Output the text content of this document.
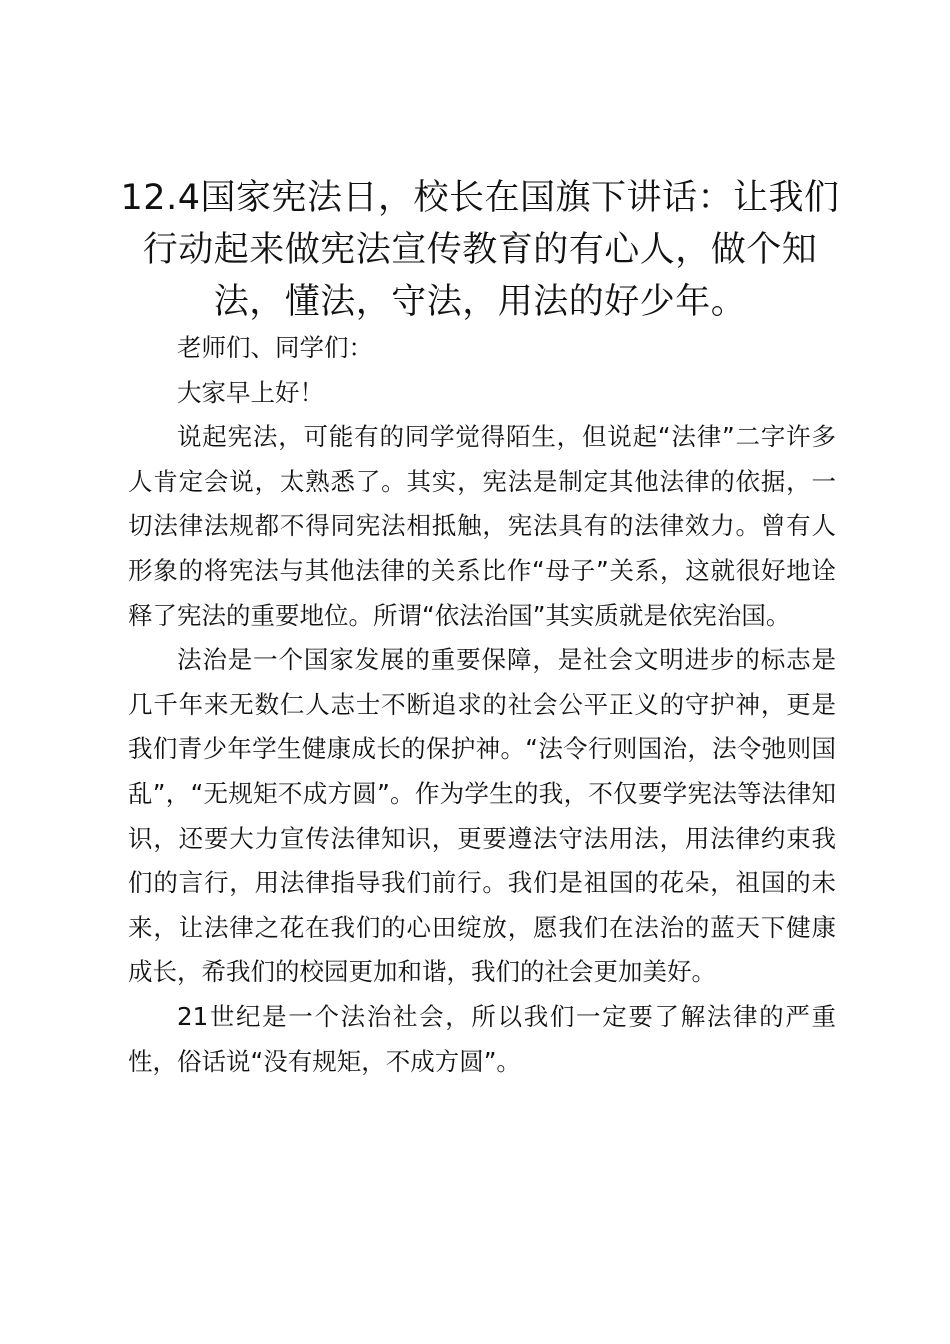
12.4国家宪法日，校长在国旗下讲话：让我们行动起来做宪法宣传教育的有心人，做个知法，懂法，守法，用法的好少年。

老师们、同学们：

大家早上好！

说起宪法，可能有的同学觉得陌生，但说起“法律”二字许多人肯定会说，太熟悉了。其实，宪法是制定其他法律的依据，一切法律法规都不得同宪法相抵触，宪法具有的法律效力。曾有人形象的将宪法与其他法律的关系比作“母子”关系，这就很好地诠释了宪法的重要地位。所谓“依法治国”其实质就是依宪治国。

法治是一个国家发展的重要保障，是社会文明进步的标志是几千年来无数仁人志士不断追求的社会公平正义的守护神，更是我们青少年学生健康成长的保护神。“法令行则国治，法令弛则国乱”，“无规矩不成方圆”。作为学生的我，不仅要学宪法等法律知识，还要大力宣传法律知识，更要遵法守法用法，用法律约束我们的言行，用法律指导我们前行。我们是祖国的花朵，祖国的未来，让法律之花在我们的心田绽放，愿我们在法治的蓝天下健康成长，希我们的校园更加和谐，我们的社会更加美好。

21世纪是一个法治社会，所以我们一定要了解法律的严重性，俗话说“没有规矩，不成方圆”。
